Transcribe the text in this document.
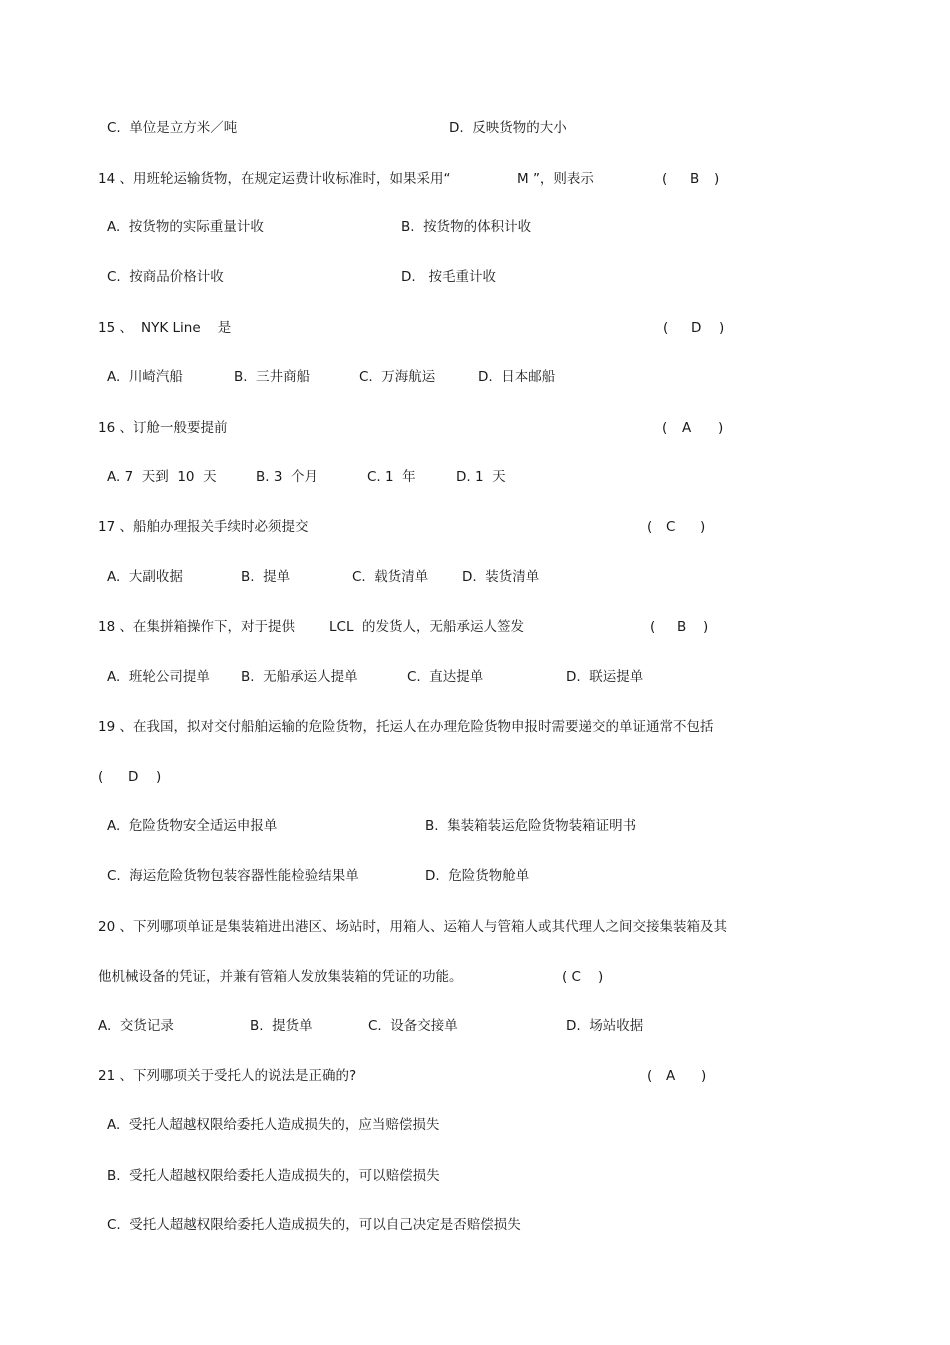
C.  单位是立方米／吨

	D.  反映货物的大小

14 、用班轮运输货物，在规定运费计收标准时，如果采用“

	M ”，则表示

	(

B

)

A.  按货物的实际重量计收

	B.  按货物的体积计收

C.  按商品价格计收

	D.   按毛重计收

15 、

NYK Line    是

	(

D

)

A.  川崎汽船

	B.  三井商船

	C.  万海航运

	D.  日本邮船

16 、订舱一般要提前

	(

A

)

A. 7  天到  10  天

	B. 3  个月

	C. 1  年

	D. 1  天

17 、船舶办理报关手续时必须提交

	(

C

)

A.  大副收据

	B.  提单

	C.  载货清单

D.  装货清单

18 、在集拼箱操作下，对于提供

	LCL  的发货人，无船承运人签发

	(

B

)

A.  班轮公司提单

B.  无船承运人提单

	C.  直达提单

	D.  联运提单

19 、在我国，拟对交付船舶运输的危险货物，托运人在办理危险货物申报时需要递交的单证通常不包括

(

D

)

A.  危险货物安全适运申报单

	B.  集装箱装运危险货物装箱证明书

C.  海运危险货物包装容器性能检验结果单

	D.  危险货物舱单

20 、下列哪项单证是集装箱进出港区、场站时，用箱人、运箱人与管箱人或其代理人之间交接集装箱及其

他机械设备的凭证，并兼有管箱人发放集装箱的凭证的功能。

	( C

)

A.  交货记录

	B.  提货单

	C.  设备交接单

	D.  场站收据

21 、下列哪项关于受托人的说法是正确的?

	(

A

)

A.  受托人超越权限给委托人造成损失的，应当赔偿损失

B.  受托人超越权限给委托人造成损失的，可以赔偿损失

C.  受托人超越权限给委托人造成损失的，可以自己决定是否赔偿损失
